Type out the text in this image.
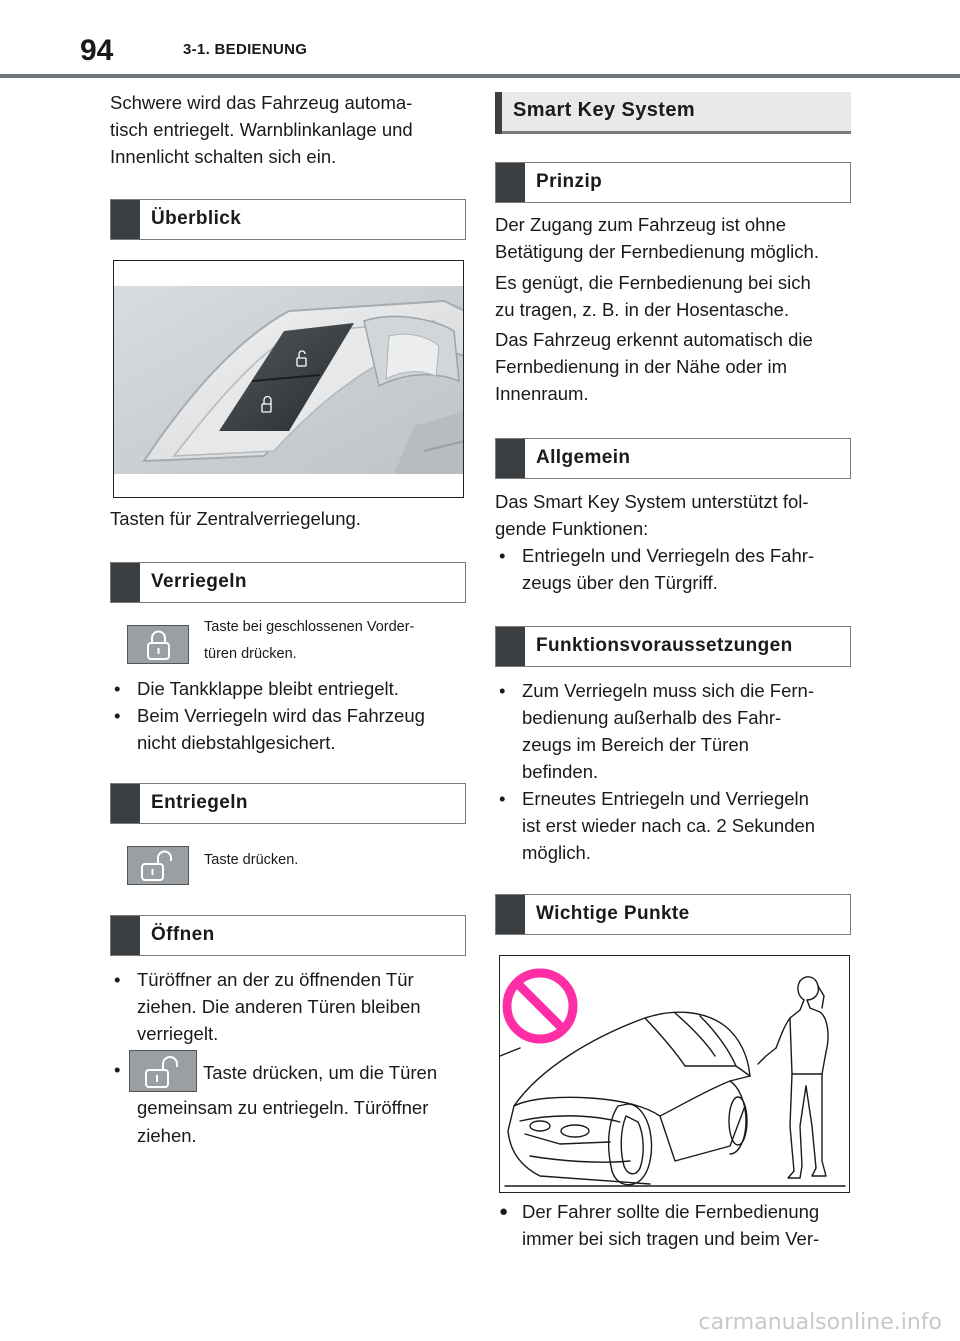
94	3-1. BEDIENUNG

Schwere wird das Fahrzeug automa-
tisch entriegelt. Warnblinkanlage und
Innenlicht schalten sich ein.

Überblick

Tasten für Zentralverriegelung.

Verriegeln

Taste bei geschlossenen Vorder-
türen drücken.

• Die Tankklappe bleibt entriegelt.
• Beim Verriegeln wird das Fahrzeug
nicht diebstahlgesichert.
Entriegeln

Taste drücken.

Öffnen
• Türöffner an der zu öffnenden Tür
ziehen. Die anderen Türen bleiben
verriegelt.
•	Taste drücken, um die Türen

gemeinsam zu entriegeln. Türöffner
ziehen.

Smart Key System
Prinzip

Der Zugang zum Fahrzeug ist ohne
Betätigung der Fernbedienung möglich.

Es genügt, die Fernbedienung bei sich
zu tragen, z. B. in der Hosentasche.

Das Fahrzeug erkennt automatisch die
Fernbedienung in der Nähe oder im
Innenraum.

Allgemein

Das Smart Key System unterstützt fol-
gende Funktionen:

• Entriegeln und Verriegeln des Fahr-
zeugs über den Türgriff.
Funktionsvoraussetzungen
• Zum Verriegeln muss sich die Fern-
bedienung außerhalb des Fahr-
zeugs im Bereich der Türen
befinden.
• Erneutes Entriegeln und Verriegeln
ist erst wieder nach ca. 2 Sekunden
möglich.
Wichtige Punkte
● Der Fahrer sollte die Fernbedienung
immer bei sich tragen und beim Ver-
carmanualsonline.info
